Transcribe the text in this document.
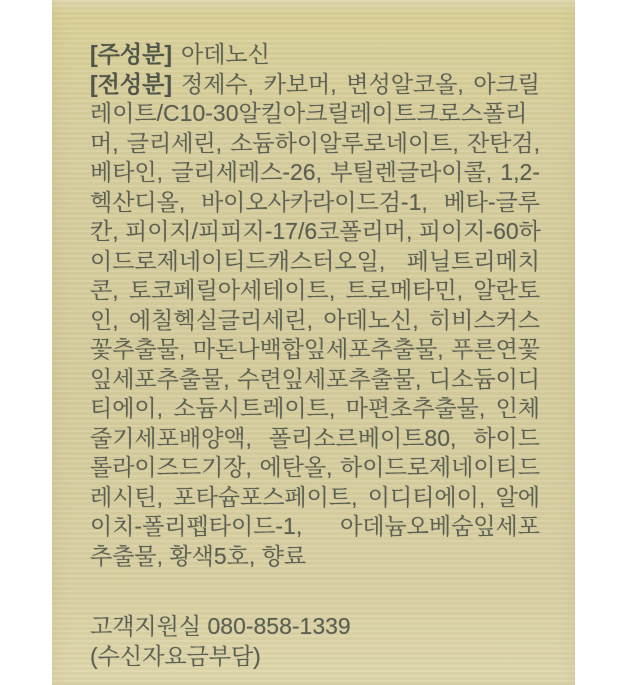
[주성분] 아데노신
[전성분] 정제수, 카보머, 변성알코올, 아크릴
레이트/C10-30알킬아크릴레이트크로스폴리
머, 글리세린, 소듐하이알루로네이트, 잔탄검,
베타인, 글리세레스-26, 부틸렌글라이콜, 1,2-
헥산디올, 바이오사카라이드검-1, 베타-글루
칸, 피이지/피피지-17/6코폴리머, 피이지-60하
이드로제네이티드캐스터오일, 페닐트리메치
콘, 토코페릴아세테이트, 트로메타민, 알란토
인, 에칠헥실글리세린, 아데노신, 히비스커스
꽃추출물, 마돈나백합잎세포추출물, 푸른연꽃
잎세포추출물, 수련잎세포추출물, 디소듐이디
티에이, 소듐시트레이트, 마편초추출물, 인체
줄기세포배양액, 폴리소르베이트80, 하이드
롤라이즈드기장, 에탄올, 하이드로제네이티드
레시틴, 포타슘포스페이트, 이디티에이, 알에
이치-폴리펩타이드-1, 아데늄오베숨잎세포
추출물, 황색5호, 향료
고객지원실 080-858-1339
(수신자요금부담)
